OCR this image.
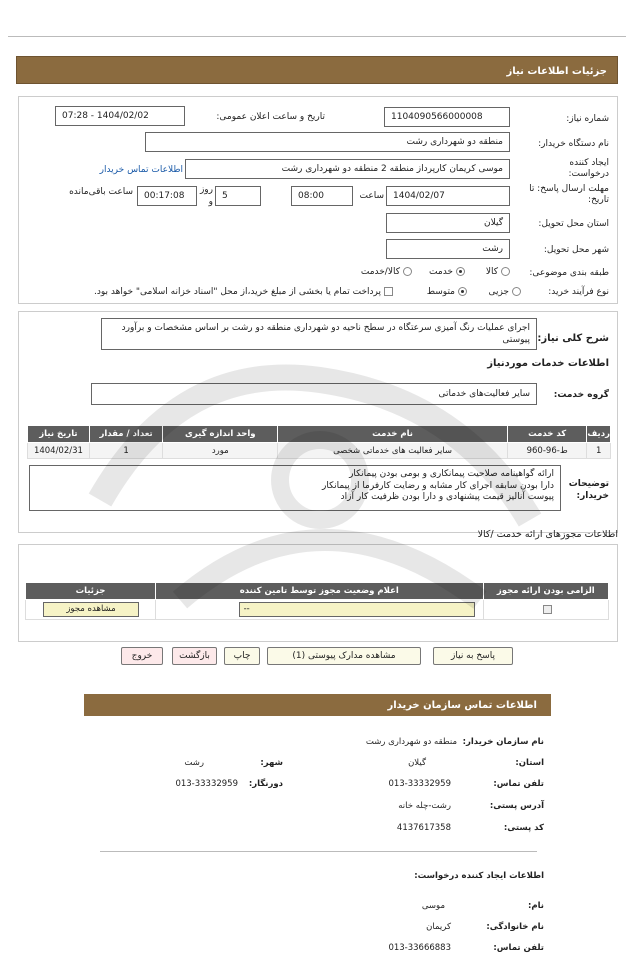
جزئیات اطلاعات نیاز
شماره نیاز:
1104090566000008
تاریخ و ساعت اعلان عمومی:
1404/02/02 - 07:28
نام دستگاه خریدار:
منطقه دو شهرداری رشت
ایجاد کننده درخواست:
موسی کریمان کارپرداز منطقه 2 منطقه دو شهرداری رشت
اطلاعات تماس خریدار
مهلت ارسال پاسخ: تا تاریخ:
1404/02/07
ساعت
08:00
5
روز و
00:17:08
ساعت باقی‌مانده
استان محل تحویل:
گیلان
شهر محل تحویل:
رشت
طبقه بندی موضوعی:
کالا
خدمت
کالا/خدمت
نوع فرآیند خرید:
جزیی
متوسط
پرداخت تمام یا بخشی از مبلغ خرید،از محل "اسناد خزانه اسلامی" خواهد بود.
شرح کلی نیاز:
اجرای عملیات رنگ آمیزی سرعتگاه در سطح ناحیه دو شهرداری منطقه دو رشت بر اساس مشخصات و برآورد پیوستی
اطلاعات خدمات موردنیاز
گروه خدمت:
سایر فعالیت‌های خدماتی
ردیف	کد خدمت	نام خدمت	واحد اندازه گیری	تعداد / مقدار	تاریخ نیاز
1	ط-96-960	سایر فعالیت های خدماتی شخصی	مورد	1	1404/02/31
توضیحات خریدار:
ارائه گواهینامه صلاحیت پیمانکاری و بومی بودن پیمانکار
دارا بودن سابقه اجرای کار مشابه و رضایت کارفرما از پیمانکار
پیوست آنالیز قیمت پیشنهادی و دارا بودن ظرفیت کار آزاد
اطلاعات مجوزهای ارائه خدمت /کالا
الزامی بودن ارائه مجوز	اعلام وضعیت مجوز توسط تامین کننده	جزئیات

	--	مشاهده مجوز
پاسخ به نیاز
مشاهده مدارک پیوستی (1)
چاپ
بازگشت
خروج
اطلاعات تماس سازمان خریدار
نام سازمان خریدار:
منطقه دو شهرداری رشت
استان:
گیلان
شهر:
رشت
تلفن تماس:
013-33332959
دورنگار:
013-33332959
آدرس پستی:
رشت-چله خانه
کد پستی:
4137617358
اطلاعات ایجاد کننده درخواست:
نام:
موسی
نام خانوادگی:
کریمان
تلفن تماس:
013-33666883
